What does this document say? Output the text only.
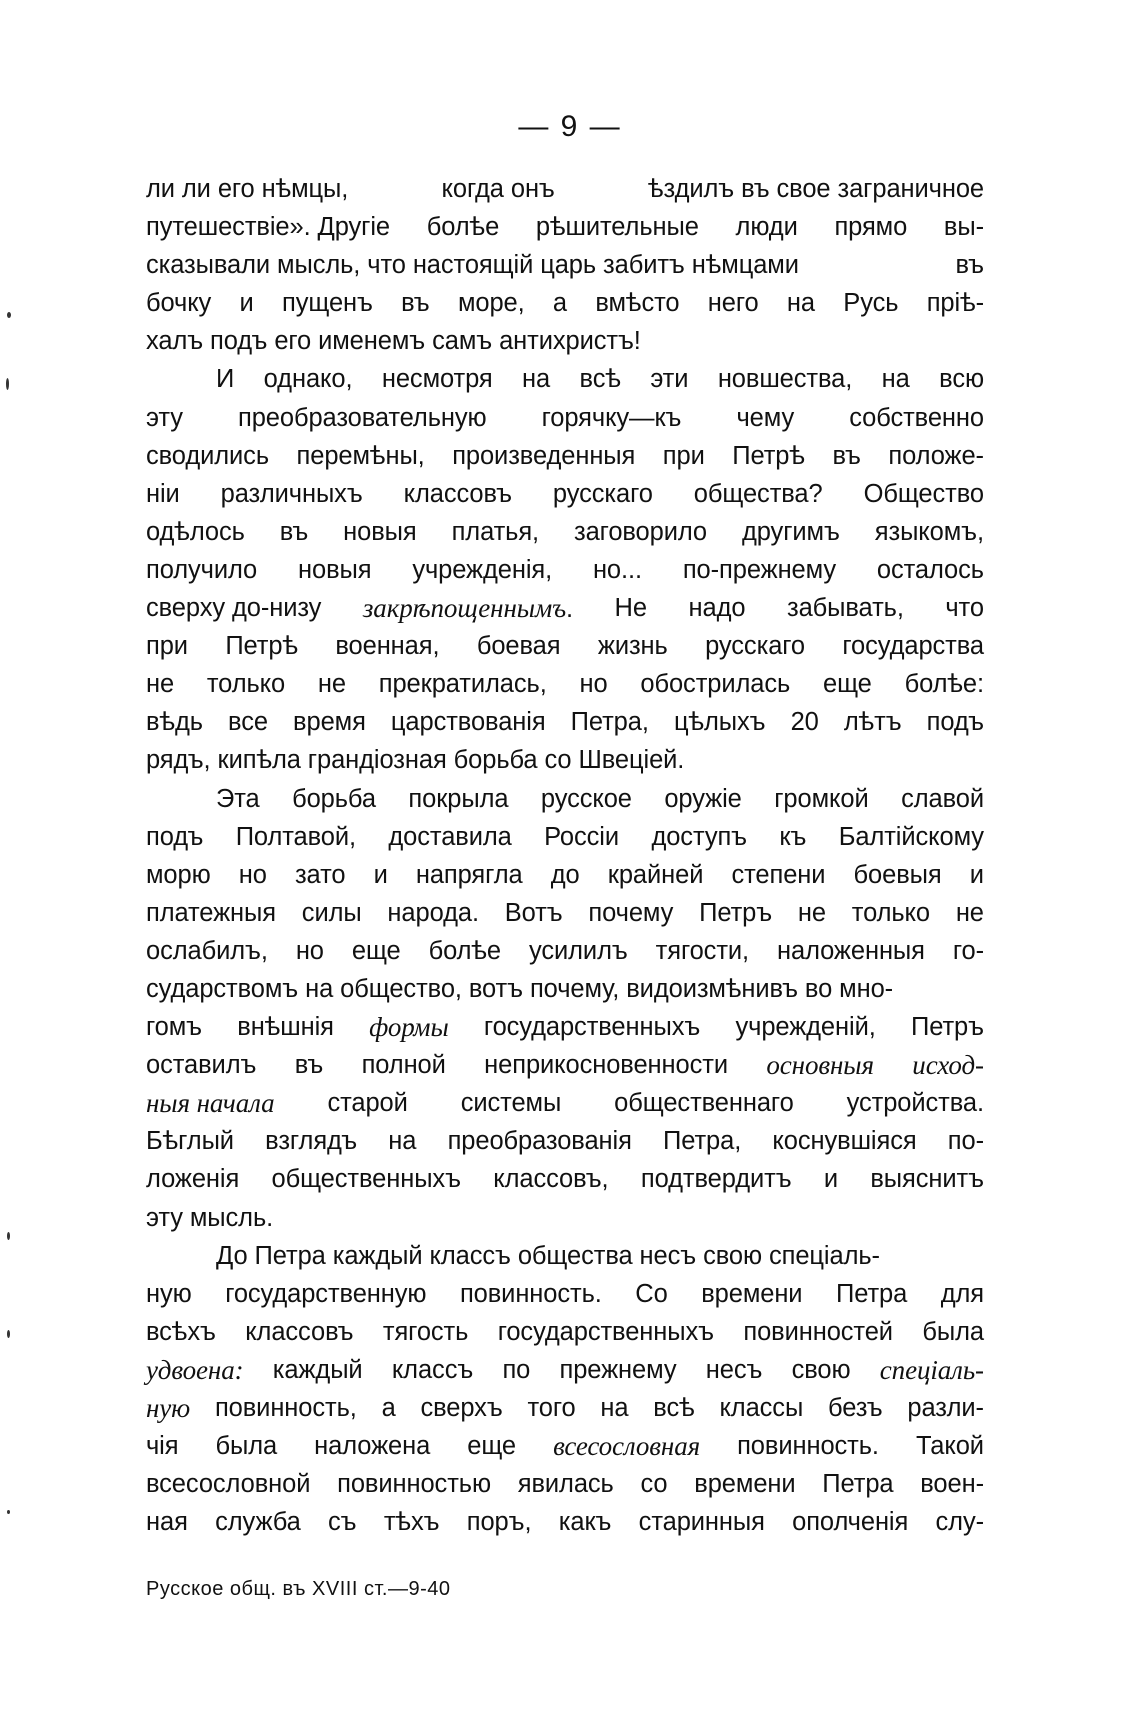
— 9 —
ли ли его нѣмцы,	когда онъ	ѣздилъ въ свое заграничное
путешествіе». Другіе болѣе рѣшительные люди прямо вы-
сказывали мысль, что настоящій царь забитъ нѣмцами	въ
бочку и пущенъ въ море, а вмѣсто него на Русь пріѣ-
халъ подъ его именемъ самъ антихристъ!
И однако, несмотря на всѣ эти новшества, на всю
эту преобразовательную горячку—къ чему собственно
сводились перемѣны, произведенныя при Петрѣ въ положе-
ніи различныхъ классовъ русскаго общества? Общество
одѣлось въ новыя платья, заговорило другимъ языкомъ,
получило новыя учрежденія, но... по-прежнему осталось
сверху до-низу закрѣпощеннымъ. Не надо забывать, что
при Петрѣ военная, боевая жизнь русскаго государства
не только не прекратилась, но обострилась еще болѣе:
вѣдь все время царствованія Петра, цѣлыхъ 20 лѣтъ подъ
рядъ, кипѣла грандіозная борьба со Швеціей.
Эта борьба покрыла русское оружіе громкой славой
подъ Полтавой, доставила Россіи доступъ къ Балтійскому
морю но зато и напрягла до крайней степени боевыя и
платежныя силы народа. Вотъ почему Петръ не только не
ослабилъ, но еще болѣе усилилъ тягости, наложенныя го-
сударствомъ на общество, вотъ почему, видоизмѣнивъ во мно-
гомъ внѣшнія формы государственныхъ учрежденій, Петръ
оставилъ въ полной неприкосновенности основныя исход-
ныя начала старой системы общественнаго устройства.
Бѣглый взглядъ на преобразованія Петра, коснувшіяся по-
ложенія общественныхъ классовъ, подтвердитъ и выяснитъ
эту мысль.
До Петра каждый классъ общества несъ свою спеціаль-
ную государственную повинность. Со времени Петра для
всѣхъ классовъ тягость государственныхъ повинностей была
удвоена: каждый классъ по прежнему несъ свою спеціаль-
ную повинность, а сверхъ того на всѣ классы безъ разли-
чія была наложена еще всесословная повинность. Такой
всесословной повинностью явилась со времени Петра воен-
ная служба съ тѣхъ поръ, какъ старинныя ополченія слу-
Русское общ. въ XVIII ст.—9-40
